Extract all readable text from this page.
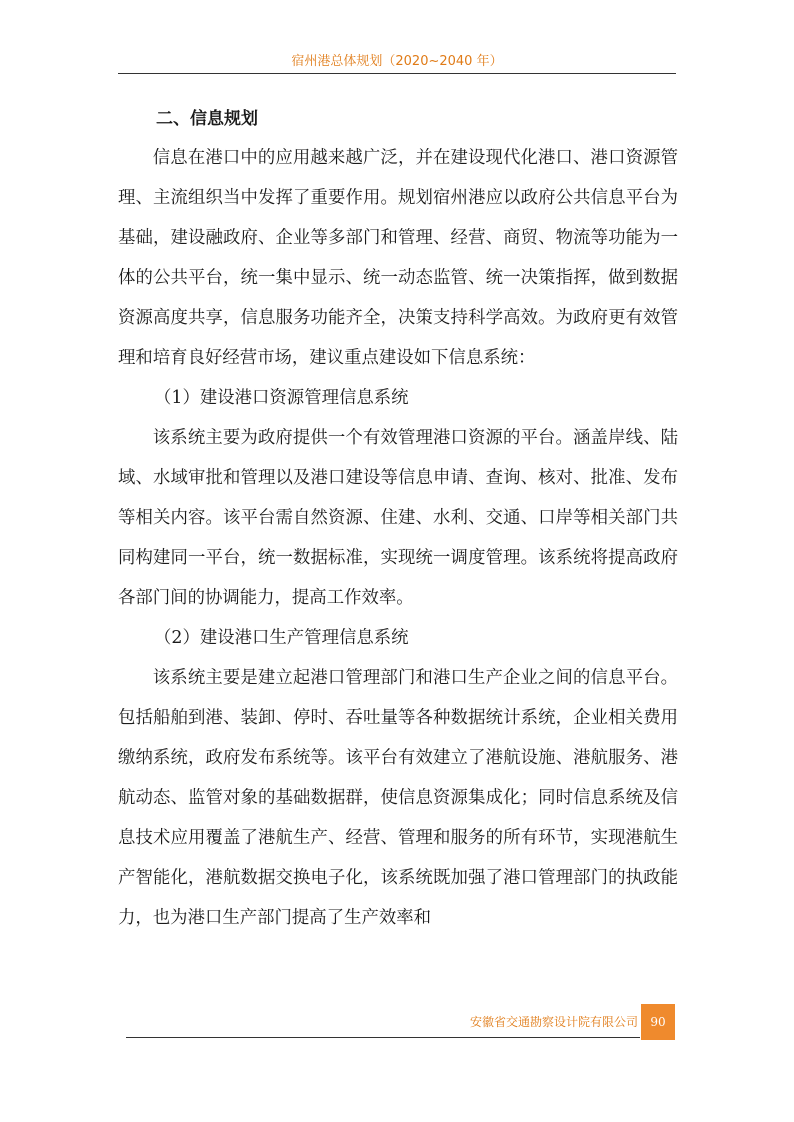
宿州港总体规划（2020~2040 年）
二、信息规划

信息在港口中的应用越来越广泛，并在建设现代化港口、港口资源管理、主流组织当中发挥了重要作用。规划宿州港应以政府公共信息平台为基础，建设融政府、企业等多部门和管理、经营、商贸、物流等功能为一体的公共平台，统一集中显示、统一动态监管、统一决策指挥，做到数据资源高度共享，信息服务功能齐全，决策支持科学高效。为政府更有效管理和培育良好经营市场，建议重点建设如下信息系统：

（1）建设港口资源管理信息系统

该系统主要为政府提供一个有效管理港口资源的平台。涵盖岸线、陆域、水域审批和管理以及港口建设等信息申请、查询、核对、批准、发布等相关内容。该平台需自然资源、住建、水利、交通、口岸等相关部门共同构建同一平台，统一数据标准，实现统一调度管理。该系统将提高政府各部门间的协调能力，提高工作效率。

（2）建设港口生产管理信息系统

该系统主要是建立起港口管理部门和港口生产企业之间的信息平台。包括船舶到港、装卸、停时、吞吐量等各种数据统计系统，企业相关费用缴纳系统，政府发布系统等。该平台有效建立了港航设施、港航服务、港航动态、监管对象的基础数据群，使信息资源集成化；同时信息系统及信息技术应用覆盖了港航生产、经营、管理和服务的所有环节，实现港航生产智能化，港航数据交换电子化，该系统既加强了港口管理部门的执政能力，也为港口生产部门提高了生产效率和

安徽省交通勘察设计院有限公司	90
